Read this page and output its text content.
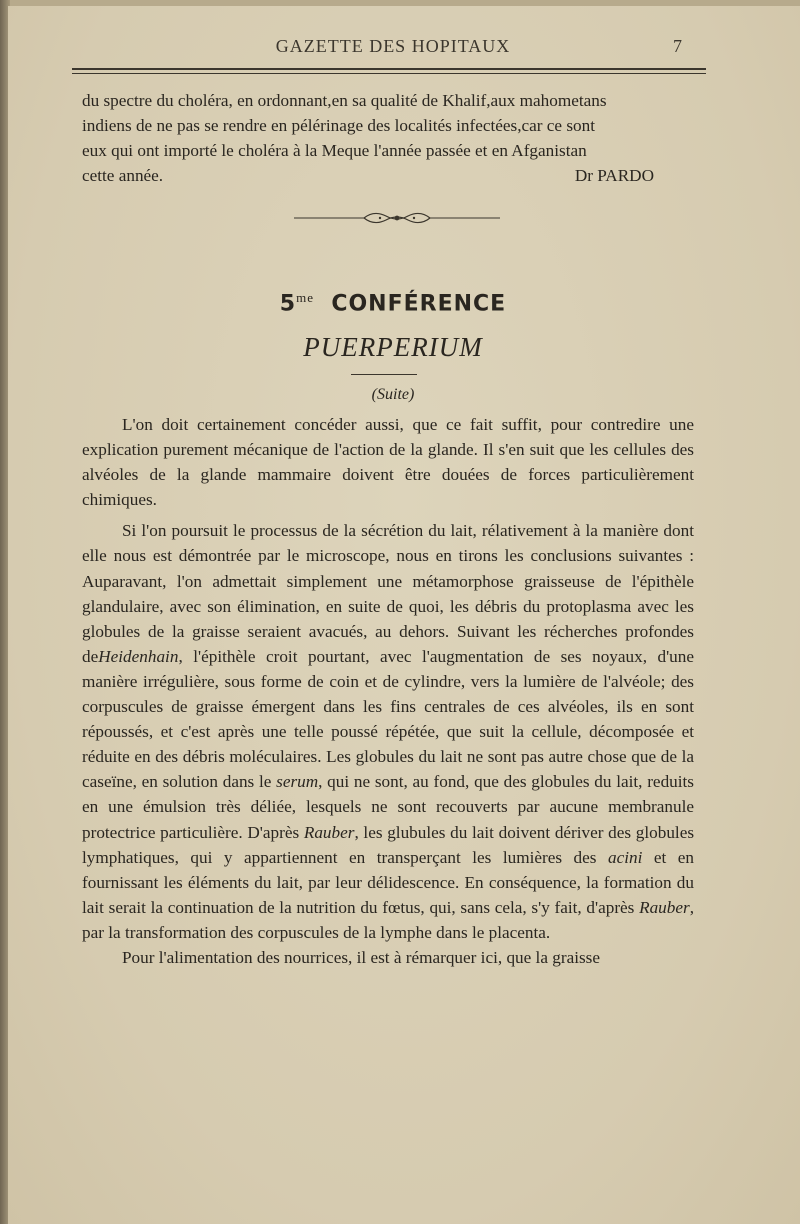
GAZETTE DES HOPITAUX	7

du spectre du choléra, en ordonnant,en sa qualité de Khalif,aux mahometans

indiens de ne pas se rendre en pélérinage des localités infectées,car ce sont

eux qui ont importé le choléra à la Meque l'année passée et en Afganistan

cette année.	Dr PARDO
$5^{me}$ CONFÉRENCE
PUERPERIUM
(Suite)

L'on doit certainement concéder aussi, que ce fait suffit, pour contredire une explication purement mécanique de l'action de la glande. Il s'en suit que les cellules des alvéoles de la glande mammaire doivent être douées de forces particulièrement chimiques.

Si l'on poursuit le processus de la sécrétion du lait, rélativement à la manière dont elle nous est démontrée par le microscope, nous en tirons les conclusions suivantes : Auparavant, l'on admettait simplement une métamorphose graisseuse de l'épithèle glandulaire, avec son élimination, en suite de quoi, les débris du protoplasma avec les globules de la graisse seraient avacués, au dehors. Suivant les récherches profondes deHeidenhain, l'épithèle croit pourtant, avec l'augmentation de ses noyaux, d'une manière irrégulière, sous forme de coin et de cylindre, vers la lumière de l'alvéole; des corpuscules de graisse émergent dans les fins centrales de ces alvéoles, ils en sont répoussés, et c'est après une telle poussé répétée, que suit la cellule, décomposée et réduite en des débris moléculaires. Les globules du lait ne sont pas autre chose que de la caseïne, en solution dans le serum, qui ne sont, au fond, que des globules du lait, reduits en une émulsion très déliée, lesquels ne sont recouverts par aucune membranule protectrice particulière. D'après Rauber, les glubules du lait doivent dériver des globules lymphatiques, qui y appartiennent en transperçant les lumières des acini et en fournissant les éléments du lait, par leur délidescence. En conséquence, la formation du lait serait la continuation de la nutrition du fœtus, qui, sans cela, s'y fait, d'après Rauber, par la transformation des corpuscules de la lymphe dans le placenta.

Pour l'alimentation des nourrices, il est à rémarquer ici, que la graisse
